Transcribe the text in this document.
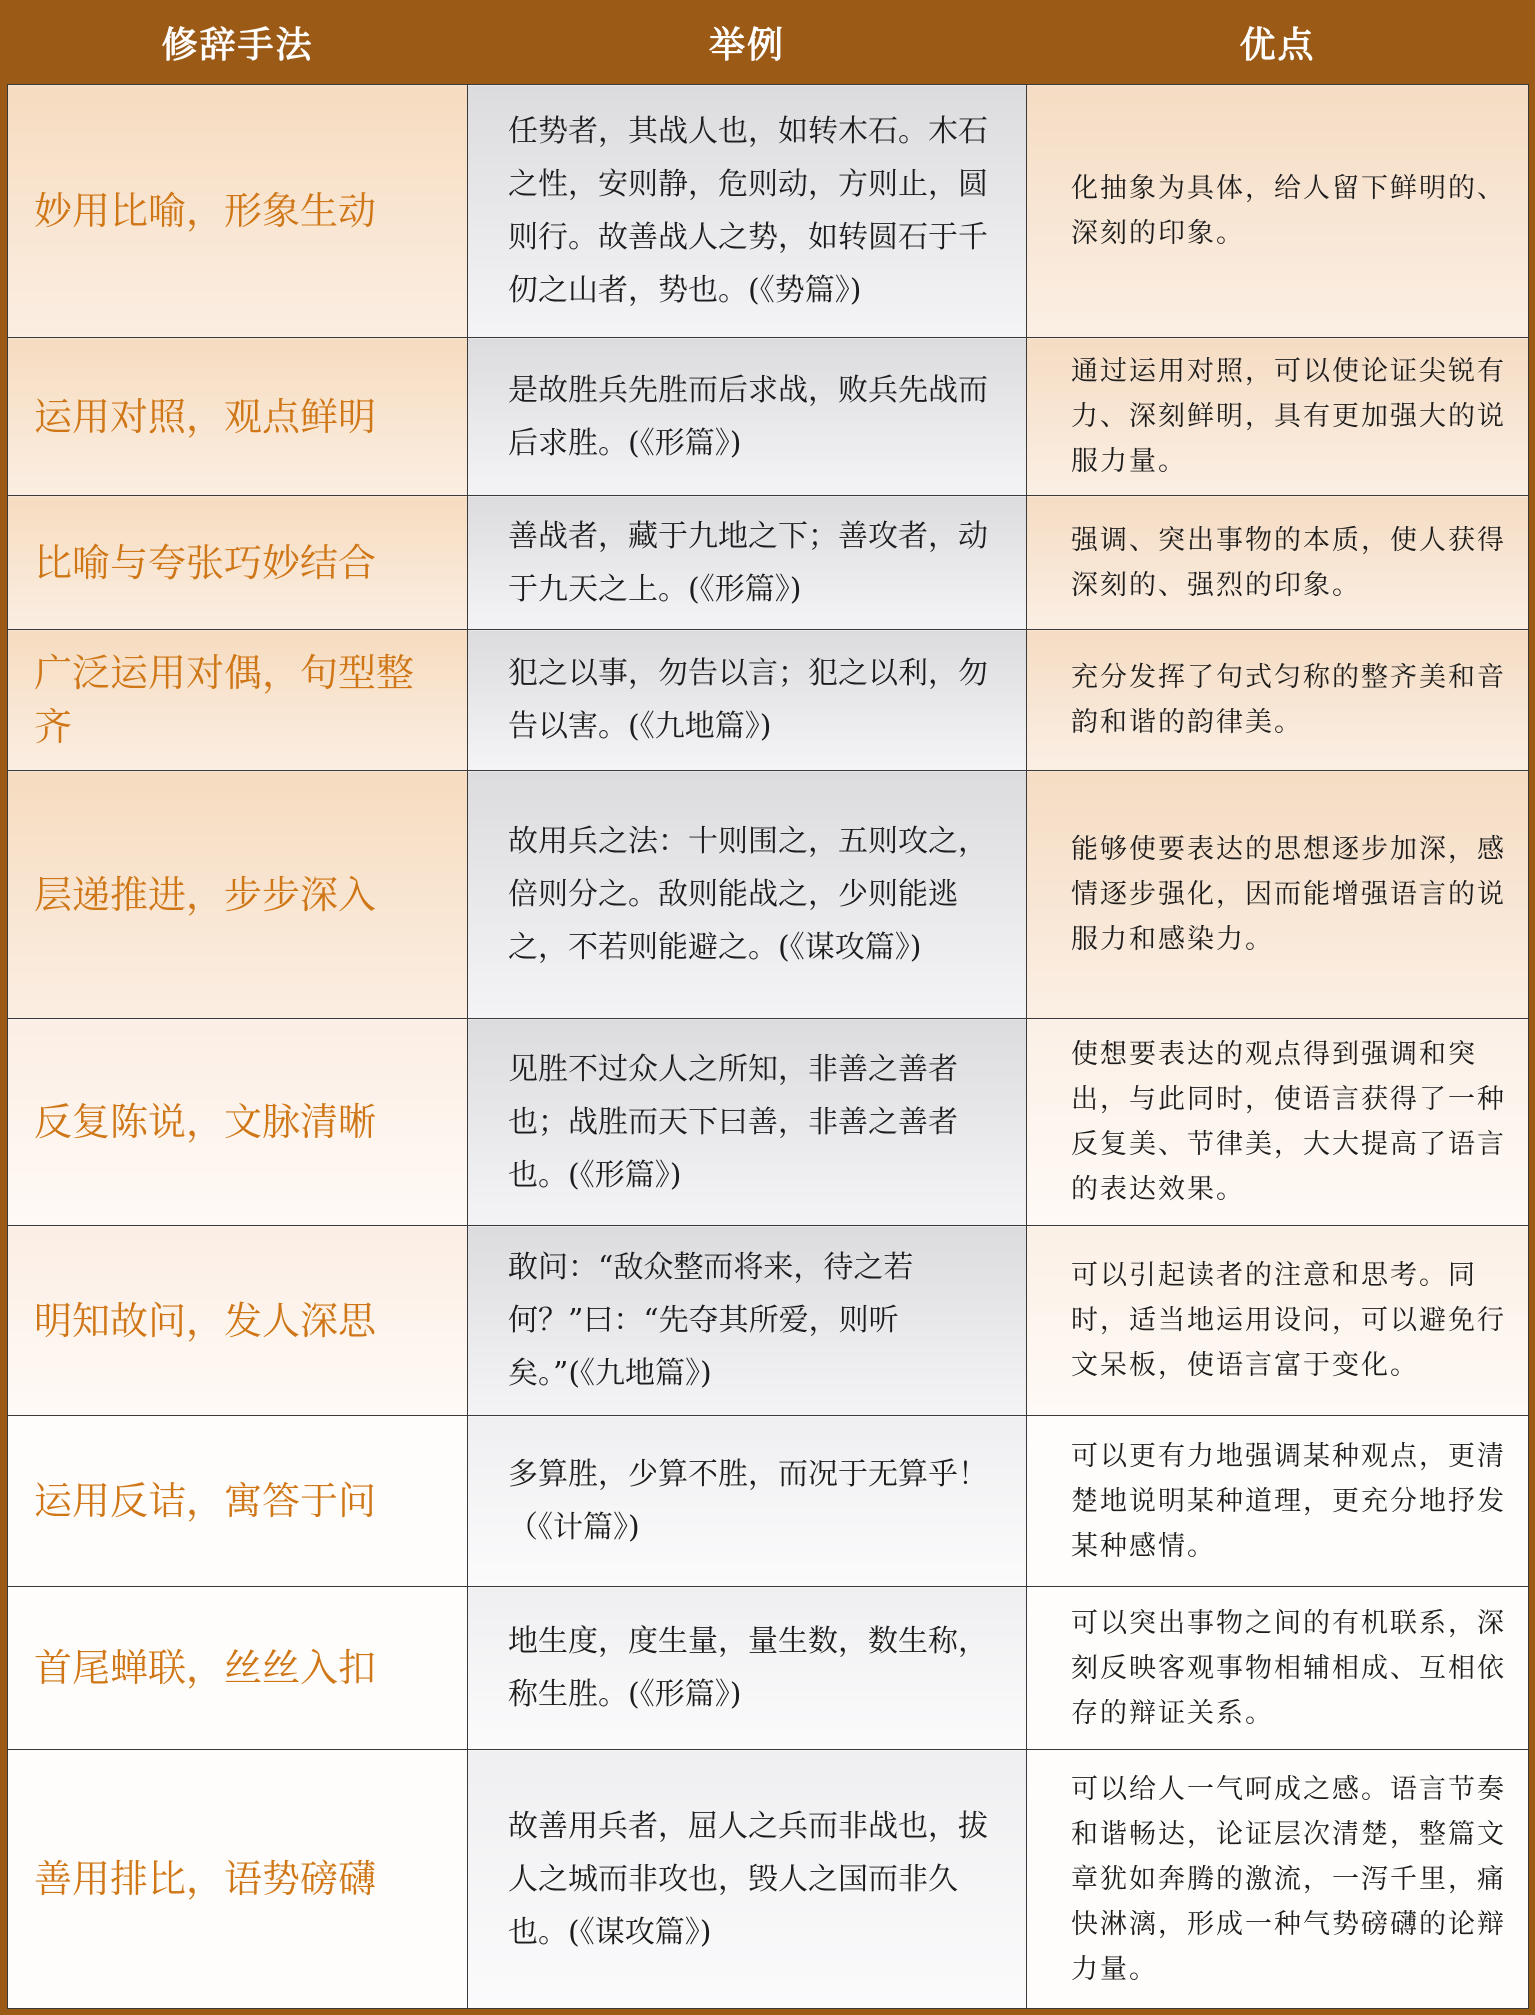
修辞手法	举例	优点
妙用比喻，形象生动	任势者，其战人也，如转木石。木石之性，安则静，危则动，方则止，圆则行。故善战人之势，如转圆石于千仞之山者，势也。(《势篇》)	化抽象为具体，给人留下鲜明的、深刻的印象。
运用对照，观点鲜明	是故胜兵先胜而后求战，败兵先战而后求胜。(《形篇》)	通过运用对照，可以使论证尖锐有力、深刻鲜明，具有更加强大的说服力量。
比喻与夸张巧妙结合	善战者，藏于九地之下；善攻者，动于九天之上。(《形篇》)	强调、突出事物的本质，使人获得深刻的、强烈的印象。
广泛运用对偶，句型整齐	犯之以事，勿告以言；犯之以利，勿告以害。(《九地篇》)	充分发挥了句式匀称的整齐美和音韵和谐的韵律美。
层递推进，步步深入	故用兵之法：十则围之，五则攻之，倍则分之。敌则能战之，少则能逃之，不若则能避之。(《谋攻篇》)	能够使要表达的思想逐步加深，感情逐步强化，因而能增强语言的说服力和感染力。
反复陈说，文脉清晰	见胜不过众人之所知，非善之善者也；战胜而天下曰善，非善之善者也。(《形篇》)	使想要表达的观点得到强调和突出，与此同时，使语言获得了一种反复美、节律美，大大提高了语言的表达效果。
明知故问，发人深思	敢问：“敌众整而将来，待之若何？”曰：“先夺其所爱，则听矣。”(《九地篇》)	可以引起读者的注意和思考。同时，适当地运用设问，可以避免行文呆板，使语言富于变化。
运用反诘，寓答于问	多算胜，少算不胜，而况于无算乎！（《计篇》)	可以更有力地强调某种观点，更清楚地说明某种道理，更充分地抒发某种感情。
首尾蝉联，丝丝入扣	地生度，度生量，量生数，数生称，称生胜。(《形篇》)	可以突出事物之间的有机联系，深刻反映客观事物相辅相成、互相依存的辩证关系。
善用排比，语势磅礴	故善用兵者，屈人之兵而非战也，拔人之城而非攻也，毁人之国而非久也。(《谋攻篇》)	可以给人一气呵成之感。语言节奏和谐畅达，论证层次清楚，整篇文章犹如奔腾的激流，一泻千里，痛快淋漓，形成一种气势磅礴的论辩力量。
